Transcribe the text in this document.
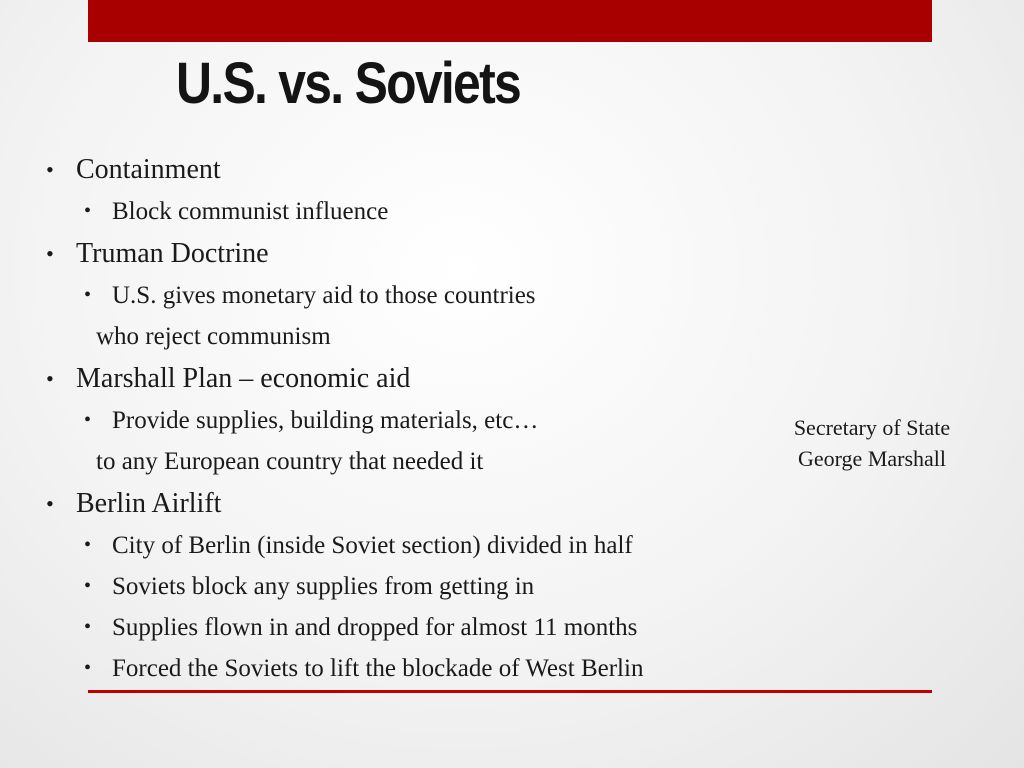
U.S. vs. Soviets
• Containment
• Block communist influence
• Truman Doctrine
• U.S. gives monetary aid to those countries
who reject communism
• Marshall Plan – economic aid
• Provide supplies, building materials, etc…
to any European country that needed it
• Berlin Airlift
• City of Berlin (inside Soviet section) divided in half
• Soviets block any supplies from getting in
• Supplies flown in and dropped for almost 11 months
• Forced the Soviets to lift the blockade of West Berlin
Secretary of State
George Marshall
